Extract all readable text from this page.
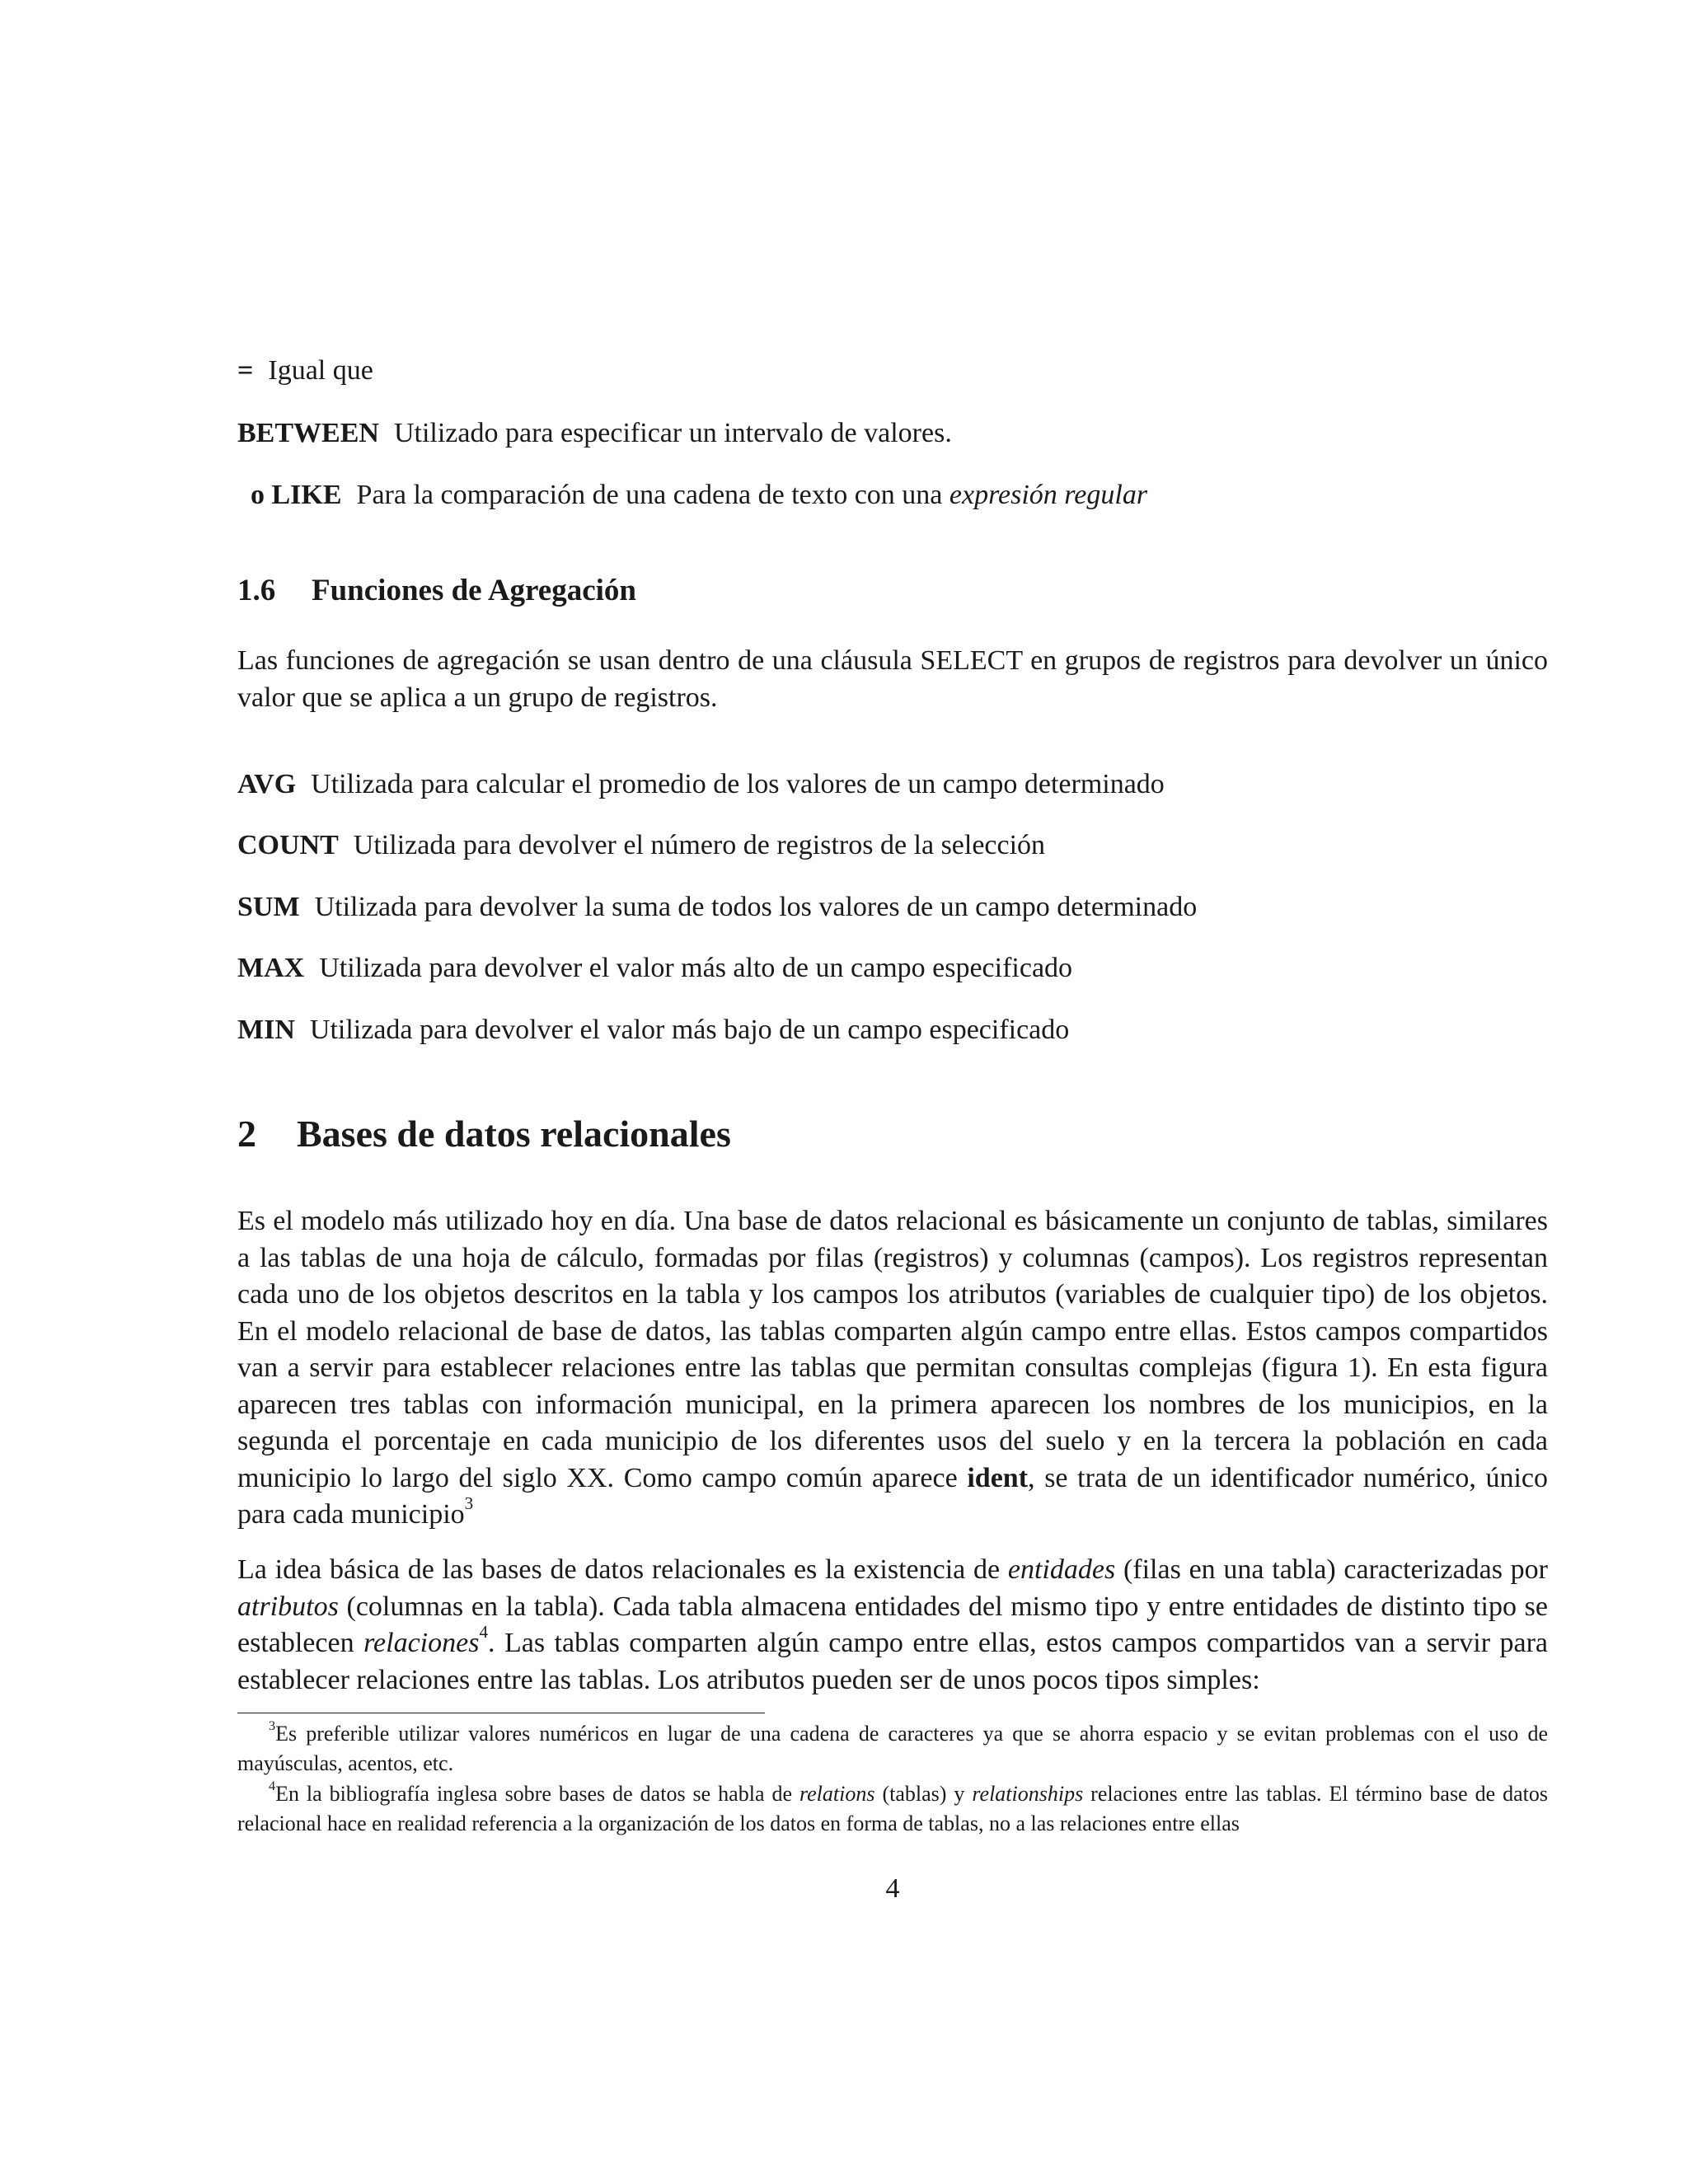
= Igual que
BETWEEN Utilizado para especificar un intervalo de valores.
o LIKE Para la comparación de una cadena de texto con una expresión regular
1.6 Funciones de Agregación

Las funciones de agregación se usan dentro de una cláusula SELECT en grupos de registros para devolver un único valor que se aplica a un grupo de registros.

AVG Utilizada para calcular el promedio de los valores de un campo determinado
COUNT Utilizada para devolver el número de registros de la selección
SUM Utilizada para devolver la suma de todos los valores de un campo determinado
MAX Utilizada para devolver el valor más alto de un campo especificado
MIN Utilizada para devolver el valor más bajo de un campo especificado
2 Bases de datos relacionales

Es el modelo más utilizado hoy en día. Una base de datos relacional es básicamente un conjunto de tablas, similares a las tablas de una hoja de cálculo, formadas por filas (registros) y columnas (campos). Los registros representan cada uno de los objetos descritos en la tabla y los campos los atributos (variables de cualquier tipo) de los objetos. En el modelo relacional de base de datos, las tablas comparten algún campo entre ellas. Estos campos compartidos van a servir para establecer relaciones entre las tablas que permitan consultas complejas (figura 1). En esta figura aparecen tres tablas con información municipal, en la primera aparecen los nombres de los municipios, en la segunda el porcentaje en cada municipio de los diferentes usos del suelo y en la tercera la población en cada municipio lo largo del siglo XX. Como campo común aparece ident, se trata de un identificador numérico, único para cada municipio$^3$

La idea básica de las bases de datos relacionales es la existencia de entidades (filas en una tabla) caracterizadas por atributos (columnas en la tabla). Cada tabla almacena entidades del mismo tipo y entre entidades de distinto tipo se establecen relaciones$^4$. Las tablas comparten algún campo entre ellas, estos campos compartidos van a servir para establecer relaciones entre las tablas. Los atributos pueden ser de unos pocos tipos simples:

$^3$Es preferible utilizar valores numéricos en lugar de una cadena de caracteres ya que se ahorra espacio y se evitan problemas con el uso de mayúsculas, acentos, etc.
$^4$En la bibliografía inglesa sobre bases de datos se habla de relations (tablas) y relationships relaciones entre las tablas. El término base de datos relacional hace en realidad referencia a la organización de los datos en forma de tablas, no a las relaciones entre ellas
4
